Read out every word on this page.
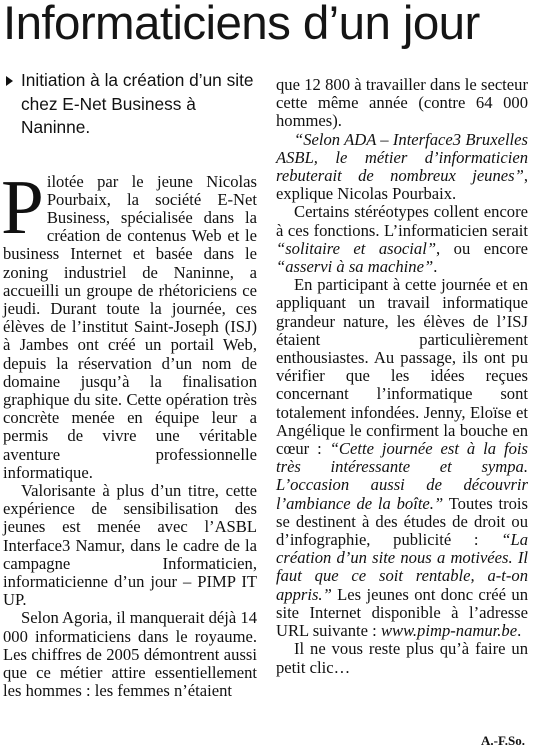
Informaticiens d’un jour
Initiation à la création d’un site chez E-Net Business à Naninne.

Pilotée par le jeune Nicolas Pourbaix, la société E-Net Business, spécialisée dans la création de contenus Web et le business Internet et basée dans le zoning industriel de Naninne, a accueilli un groupe de rhétoriciens ce jeudi. Durant toute la journée, ces élèves de l’institut Saint-Joseph (ISJ) à Jambes ont créé un portail Web, depuis la réservation d’un nom de domaine jusqu’à la finalisation graphique du site. Cette opération très concrète menée en équipe leur a permis de vivre une véritable aventure professionnelle informatique.

Valorisante à plus d’un titre, cette expérience de sensibilisation des jeunes est menée avec l’ASBL Interface3 Namur, dans le cadre de la campagne Informaticien, informaticienne d’un jour – PIMP IT UP.

Selon Agoria, il manquerait déjà 14 000 informaticiens dans le royaume. Les chiffres de 2005 démontrent aussi que ce métier attire essentiellement les hommes : les femmes n’étaient

que 12 800 à travailler dans le secteur cette même année (contre 64 000 hommes).

“Selon ADA – Interface3 Bruxelles ASBL, le métier d’informaticien rebuterait de nombreux jeunes”, explique Nicolas Pourbaix.

Certains stéréotypes collent encore à ces fonctions. L’informaticien serait “solitaire et asocial”, ou encore “asservi à sa machine”.

En participant à cette journée et en appliquant un travail informatique grandeur nature, les élèves de l’ISJ étaient particulièrement enthousiastes. Au passage, ils ont pu vérifier que les idées reçues concernant l’informatique sont totalement infondées. Jenny, Eloïse et Angélique le confirment la bouche en cœur : “Cette journée est à la fois très intéressante et sympa. L’occasion aussi de découvrir l’ambiance de la boîte.” Toutes trois se destinent à des études de droit ou d’infographie, publicité : “La création d’un site nous a motivées. Il faut que ce soit rentable, a-t-on appris.” Les jeunes ont donc créé un site Internet disponible à l’adresse URL suivante : www.pimp-namur.be.

Il ne vous reste plus qu’à faire un petit clic…

A.-F.So.
